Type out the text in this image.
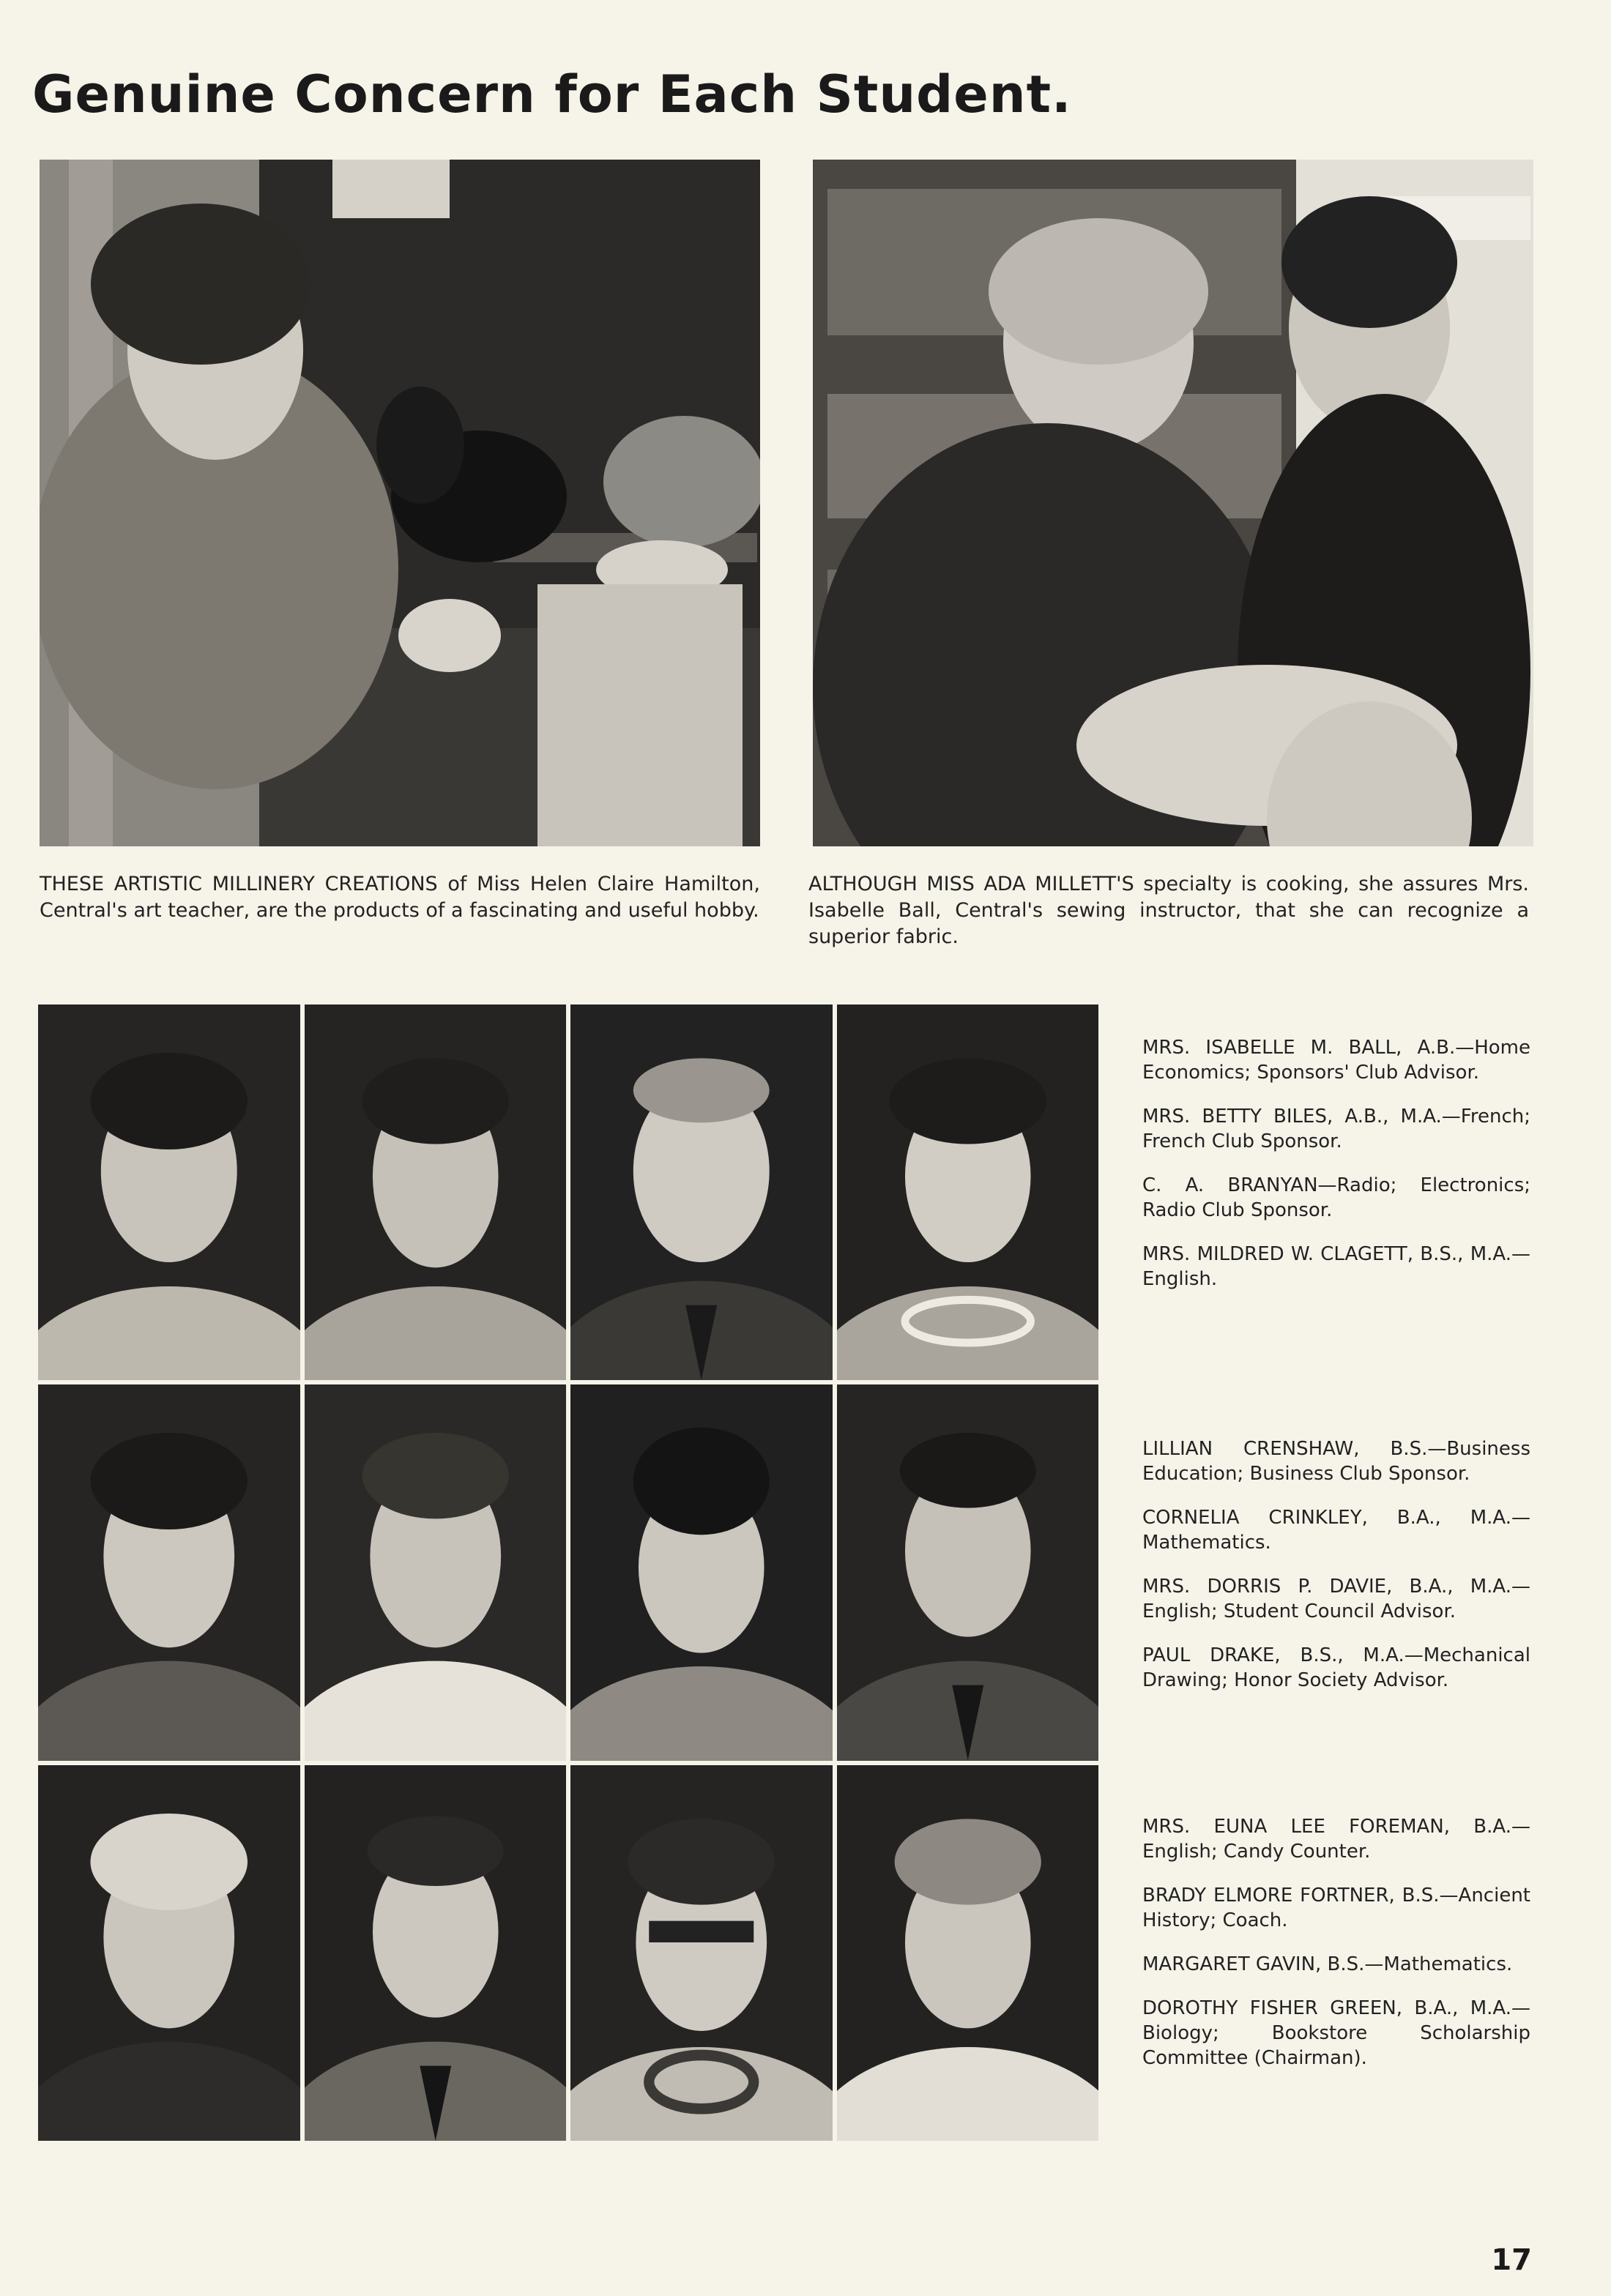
Genuine Concern for Each Student.

THESE ARTISTIC MILLINERY CREATIONS of Miss Helen Claire Hamilton, Central's art teacher, are the products of a fascinating and useful hobby.

ALTHOUGH MISS ADA MILLETT'S specialty is cooking, she assures Mrs. Isabelle Ball, Central's sewing instructor, that she can recognize a superior fabric.

MRS. ISABELLE M. BALL, A.B.—Home Economics; Sponsors' Club Advisor.

MRS. BETTY BILES, A.B., M.A.—French; French Club Sponsor.

C. A. BRANYAN—Radio; Electronics; Radio Club Sponsor.

MRS. MILDRED W. CLAGETT, B.S., M.A.—English.

LILLIAN CRENSHAW, B.S.—Business Education; Business Club Sponsor.

CORNELIA CRINKLEY, B.A., M.A.—Mathematics.

MRS. DORRIS P. DAVIE, B.A., M.A.—English; Student Council Advisor.

PAUL DRAKE, B.S., M.A.—Mechanical Drawing; Honor Society Advisor.

MRS. EUNA LEE FOREMAN, B.A.—English; Candy Counter.

BRADY ELMORE FORTNER, B.S.—Ancient History; Coach.

MARGARET GAVIN, B.S.—Mathematics.

DOROTHY FISHER GREEN, B.A., M.A.—Biology; Bookstore Scholarship Committee (Chairman).

17
